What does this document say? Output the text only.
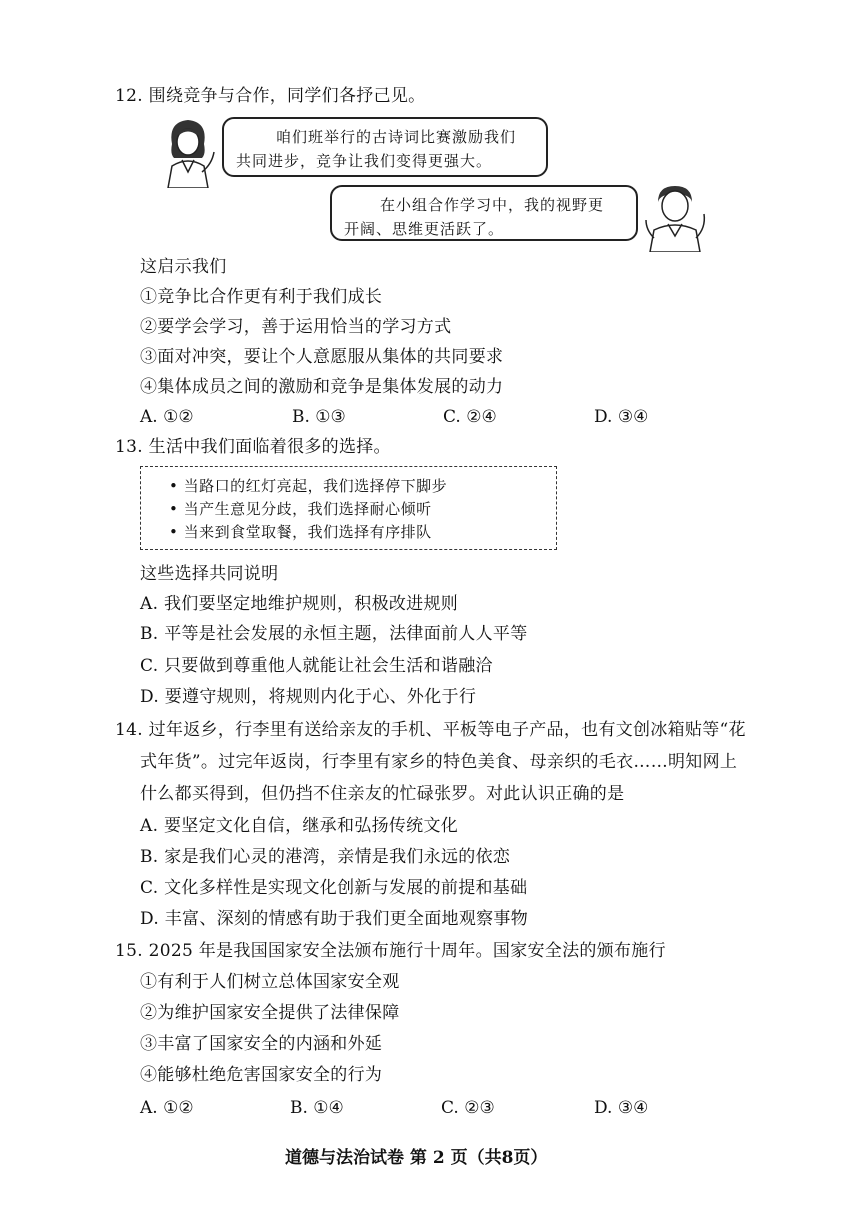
12. 围绕竞争与合作，同学们各抒己见。

咱们班举行的古诗词比赛激励我们

共同进步，竞争让我们变得更强大。

在小组合作学习中，我的视野更

开阔、思维更活跃了。

这启示我们
①竞争比合作更有利于我们成长
②要学会学习，善于运用恰当的学习方式
③面对冲突，要让个人意愿服从集体的共同要求
④集体成员之间的激励和竞争是集体发展的动力
A. ①②	B. ①③	C. ②④	D. ③④
13. 生活中我们面临着很多的选择。

• 当路口的红灯亮起，我们选择停下脚步

• 当产生意见分歧，我们选择耐心倾听

• 当来到食堂取餐，我们选择有序排队

这些选择共同说明
A. 我们要坚定地维护规则，积极改进规则
B. 平等是社会发展的永恒主题，法律面前人人平等
C. 只要做到尊重他人就能让社会生活和谐融洽
D. 要遵守规则，将规则内化于心、外化于行
14. 过年返乡，行李里有送给亲友的手机、平板等电子产品，也有文创冰箱贴等“花
式年货”。过完年返岗，行李里有家乡的特色美食、母亲织的毛衣……明知网上
什么都买得到，但仍挡不住亲友的忙碌张罗。对此认识正确的是
A. 要坚定文化自信，继承和弘扬传统文化
B. 家是我们心灵的港湾，亲情是我们永远的依恋
C. 文化多样性是实现文化创新与发展的前提和基础
D. 丰富、深刻的情感有助于我们更全面地观察事物
15. 2025 年是我国国家安全法颁布施行十周年。国家安全法的颁布施行
①有利于人们树立总体国家安全观
②为维护国家安全提供了法律保障
③丰富了国家安全的内涵和外延
④能够杜绝危害国家安全的行为
A. ①②	B. ①④	C. ②③	D. ③④
道德与法治试卷 第 2 页（共8页）
